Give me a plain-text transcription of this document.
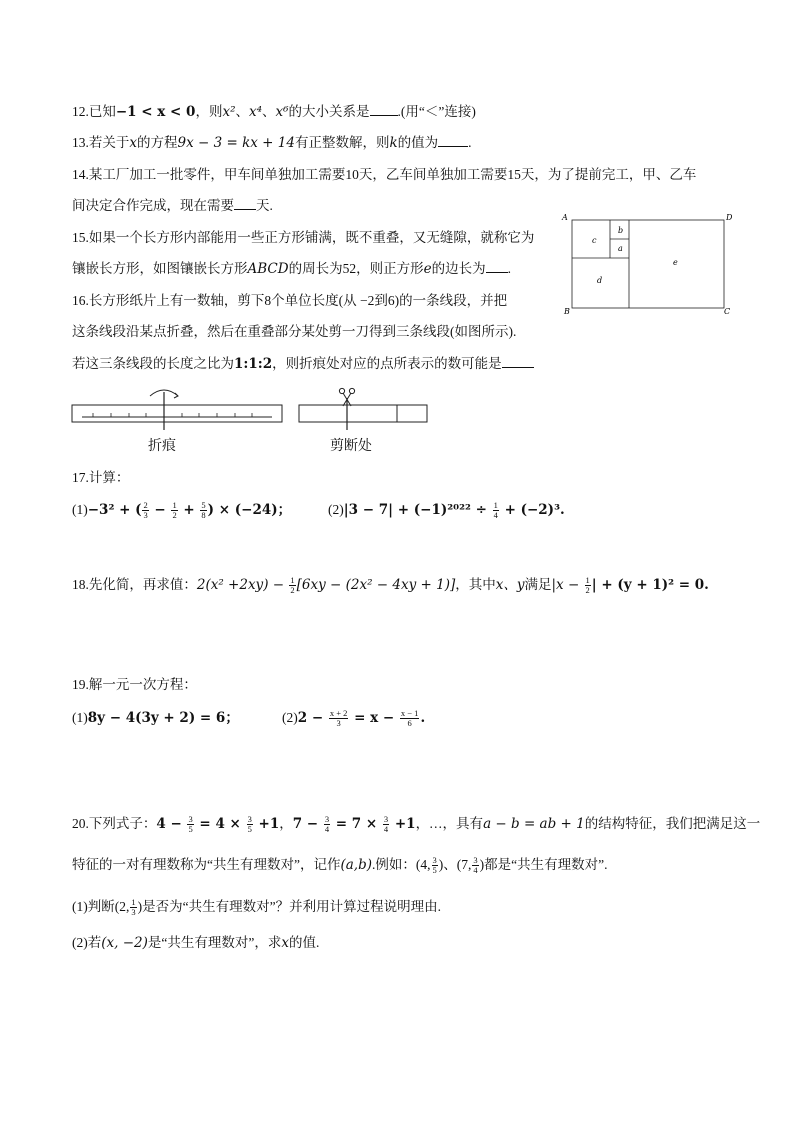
12.已知−1 < x < 0，则x²、x⁴、x⁶的大小关系是 .(用“＜”连接)
13.若关于x的方程9x − 3 = kx + 14有正整数解，则k的值为 .
14.某工厂加工一批零件，甲车间单独加工需要10天，乙车间单独加工需要15天，为了提前完工，甲、乙车
间决定合作完成，现在需要 天.
15.如果一个长方形内部能用一些正方形铺满，既不重叠，又无缝隙，就称它为
镶嵌长方形，如图镶嵌长方形ABCD的周长为52，则正方形e的边长为 .
A	D
B	C
c
b
a
d
e
16.长方形纸片上有一数轴，剪下8个单位长度(从 −2到6)的一条线段，并把
这条线段沿某点折叠，然后在重叠部分某处剪一刀得到三条线段(如图所示).
若这三条线段的长度之比为1:1:2，则折痕处对应的点所表示的数可能是
折痕	剪断处
17.计算：
(1)−3² + ( $\frac{2}{3} - \frac{1}{2} + \frac{5}{8}$ ) × (−24)；	$(2)|3 - 7| + (-1)^{2022} \div \frac{1}{4} + (-2)^3$.
18.先化简，再求值：$2(x^2 +2xy) - \frac{1}{2} [6xy - (2x^2 - 4xy + 1)]$，其中x、y满足$|x - \frac{1}{2}$ | + (y + 1)² = 0.
19.解一元一次方程：
(1)8y − 4(3y + 2) = 6；	$(2)2 - \frac{x + 2}{3} = x - \frac{x - 1}{6}$ .
20.下列式子：$4 - \frac{3}{5} = 4 \times \frac{3}{5} +1$，$7 - \frac{3}{4} = 7 \times \frac{3}{4} +1$，…，具有a − b = ab + 1的结构特征，我们把满足这一
特征的一对有理数称为“共生有理数对”，记作(a,b).例如：(4, $\frac{3}{5}$ )、(7, $\frac{3}{4}$ )都是“共生有理数对”.
(1)判断(2, $\frac{1}{3}$ )是否为“共生有理数对”？并利用计算过程说明理由.
(2)若(x, −2)是“共生有理数对”，求x的值.
